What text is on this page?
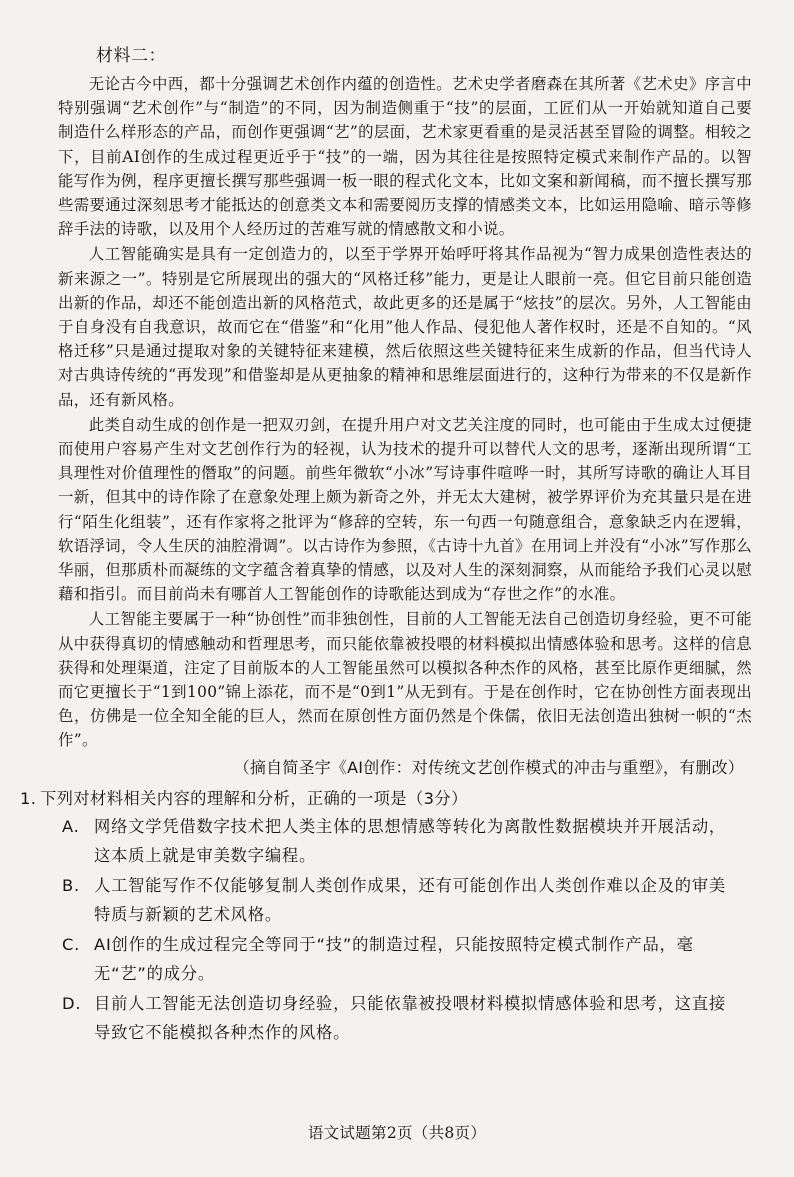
材料二：

无论古今中西，都十分强调艺术创作内蕴的创造性。艺术史学者磨森在其所著《艺术史》序言中特别强调“艺术创作”与“制造”的不同，因为制造侧重于“技”的层面，工匠们从一开始就知道自己要制造什么样形态的产品，而创作更强调“艺”的层面，艺术家更看重的是灵活甚至冒险的调整。相较之下，目前AI创作的生成过程更近乎于“技”的一端，因为其往往是按照特定模式来制作产品的。以智能写作为例，程序更擅长撰写那些强调一板一眼的程式化文本，比如文案和新闻稿，而不擅长撰写那些需要通过深刻思考才能抵达的创意类文本和需要阅历支撑的情感类文本，比如运用隐喻、暗示等修辞手法的诗歌，以及用个人经历过的苦难写就的情感散文和小说。

人工智能确实是具有一定创造力的，以至于学界开始呼吁将其作品视为“智力成果创造性表达的新来源之一”。特别是它所展现出的强大的“风格迁移”能力，更是让人眼前一亮。但它目前只能创造出新的作品，却还不能创造出新的风格范式，故此更多的还是属于“炫技”的层次。另外，人工智能由于自身没有自我意识，故而它在“借鉴”和“化用”他人作品、侵犯他人著作权时，还是不自知的。“风格迁移”只是通过提取对象的关键特征来建模，然后依照这些关键特征来生成新的作品，但当代诗人对古典诗传统的“再发现”和借鉴却是从更抽象的精神和思维层面进行的，这种行为带来的不仅是新作品，还有新风格。

此类自动生成的创作是一把双刃剑，在提升用户对文艺关注度的同时，也可能由于生成太过便捷而使用户容易产生对文艺创作行为的轻视，认为技术的提升可以替代人文的思考，逐渐出现所谓“工具理性对价值理性的僭取”的问题。前些年微软“小冰”写诗事件喧哗一时，其所写诗歌的确让人耳目一新，但其中的诗作除了在意象处理上颇为新奇之外，并无太大建树，被学界评价为充其量只是在进行“陌生化组装”，还有作家将之批评为“修辞的空转，东一句西一句随意组合，意象缺乏内在逻辑，软语浮词，令人生厌的油腔滑调”。以古诗作为参照，《古诗十九首》在用词上并没有“小冰”写作那么华丽，但那质朴而凝练的文字蕴含着真挚的情感，以及对人生的深刻洞察，从而能给予我们心灵以慰藉和指引。而目前尚未有哪首人工智能创作的诗歌能达到成为“存世之作”的水准。

人工智能主要属于一种“协创性”而非独创性，目前的人工智能无法自己创造切身经验，更不可能从中获得真切的情感触动和哲理思考，而只能依靠被投喂的材料模拟出情感体验和思考。这样的信息获得和处理渠道，注定了目前版本的人工智能虽然可以模拟各种杰作的风格，甚至比原作更细腻，然而它更擅长于“1到100”锦上添花，而不是“0到1”从无到有。于是在创作时，它在协创性方面表现出色，仿佛是一位全知全能的巨人，然而在原创性方面仍然是个侏儒，依旧无法创造出独树一帜的“杰作”。

（摘自简圣宇《AI创作：对传统文艺创作模式的冲击与重塑》，有删改）
1. 下列对材料相关内容的理解和分析，正确的一项是（3分）
A. 网络文学凭借数字技术把人类主体的思想情感等转化为离散性数据模块并开展活动，这本质上就是审美数字编程。
B. 人工智能写作不仅能够复制人类创作成果，还有可能创作出人类创作难以企及的审美特质与新颖的艺术风格。
C. AI创作的生成过程完全等同于“技”的制造过程，只能按照特定模式制作产品，毫无“艺”的成分。
D. 目前人工智能无法创造切身经验，只能依靠被投喂材料模拟情感体验和思考，这直接导致它不能模拟各种杰作的风格。
语文试题第2页（共8页）
